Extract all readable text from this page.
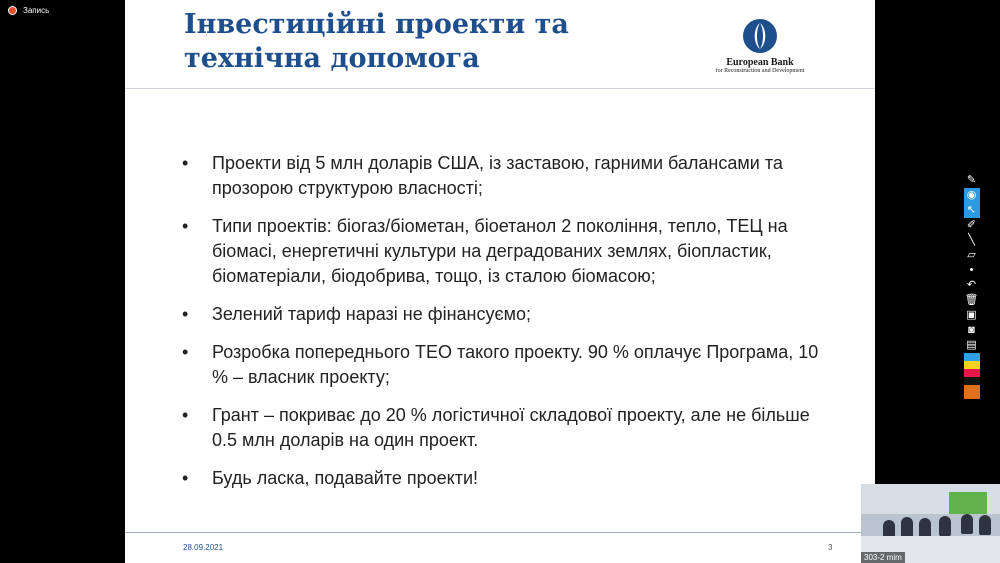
Запись	Інвестиційні проекти та технічна допомога	European Bank
for Reconstruction and Development
• Проекти від 5 млн доларів США, із заставою, гарними балансами та прозорою структурою власності;
• Типи проектів: біогаз/біометан, біоетанол 2 покоління, тепло, ТЕЦ на біомасі, енергетичні культури на деградованих землях, біопластик, біоматеріали, біодобрива, тощо, із сталою біомасою;
• Зелений тариф наразі не фінансуємо;
• Розробка попереднього ТЕО такого проекту. 90 % оплачує Програма, 10 % – власник проекту;
• Грант – покриває до 20 % логістичної складової проекту, але не більше 0.5 млн доларів на один проект.
• Будь ласка, подавайте проекти!
28.09.2021	3
✎
◉
↖
✐
╲
▱
•
↶
🗑
▣
◙
▤
303-2 mim
